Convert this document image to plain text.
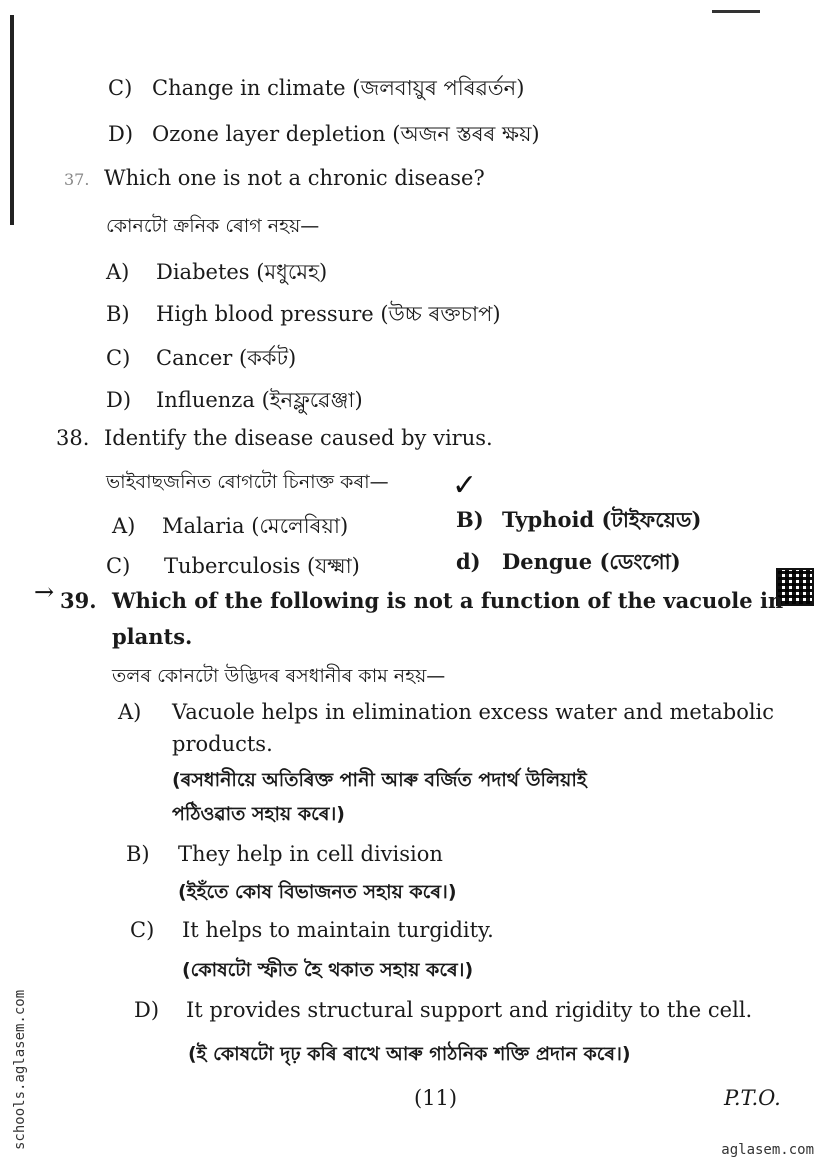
C) Change in climate (জলবায়ুৰ পৰিৱৰ্তন)
D) Ozone layer depletion (অজন স্তৰৰ ক্ষয়)
37. Which one is not a chronic disease?
কোনটো ক্ৰনিক ৰোগ নহয়—
A) Diabetes (মধুমেহ)
B) High blood pressure (উচ্চ ৰক্তচাপ)
C) Cancer (কৰ্কট)
D) Influenza (ইনফ্লুৱেঞ্জা)
38. Identify the disease caused by virus.
ভাইবাছজনিত ৰোগটো চিনাক্ত কৰা— ✓
A) Malaria (মেলেৰিয়া)	B) Typhoid (টাইফয়েড)
C) Tuberculosis (যক্ষ্মা)	d) Dengue (ডেংগো)
→ 39. Which of the following is not a function of the vacuole in
plants.
তলৰ কোনটো উদ্ভিদৰ ৰসধানীৰ কাম নহয়—
A) Vacuole helps in elimination excess water and metabolic
products.
(ৰসধানীয়ে অতিৰিক্ত পানী আৰু বৰ্জিত পদাৰ্থ উলিয়াই
পঠিওৱাত সহায় কৰে।)
B) They help in cell division
(ইহঁতে কোষ বিভাজনত সহায় কৰে।)
C) It helps to maintain turgidity.
(কোষটো স্ফীত হৈ থকাত সহায় কৰে।)
D) It provides structural support and rigidity to the cell.
(ই কোষটো দৃঢ় কৰি ৰাখে আৰু গাঠনিক শক্তি প্ৰদান কৰে।)
(11)	P.T.O.
schools.aglasem.com	aglasem.com
